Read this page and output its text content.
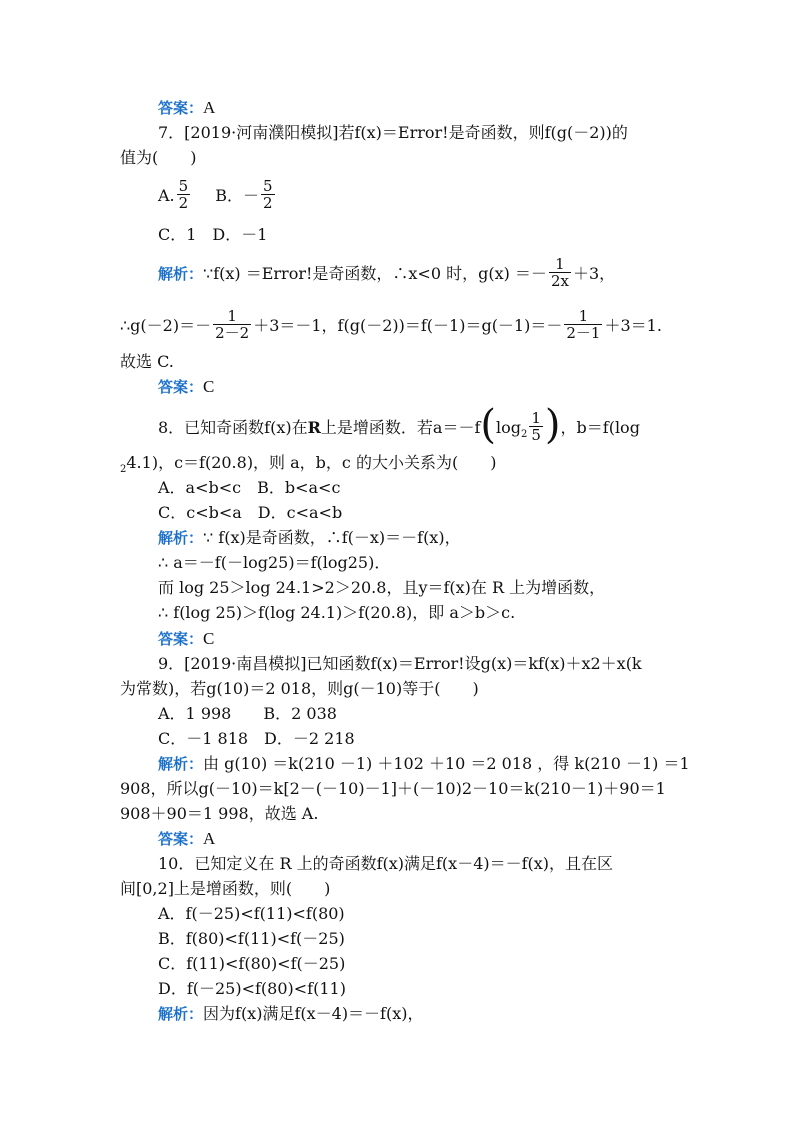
答案：A
7．[2019·河南濮阳模拟]若f(x)＝Error!是奇函数，则f(g(－2))的
值为(　　)
A. $\frac{5}{2}$ B．－ $\frac{5}{2}$
C．1　D．－1
解析：∵f(x) ＝Error!是奇函数，∴x<0 时，$g(x) =- \frac{1}{2x} +3$，
∴g(－2)＝－ $\frac{1}{2-2} +3=-1$，$f(g(-2))=f(-1)=g(-1)=- \frac{1}{2-1} +3=1$.
故选 C.
答案：C
8．已知奇函数f(x)在R上是增函数．若$a=-f(\log_2 \frac{1}{5}$ )，b＝f(log
$_2$4.1)，c＝f(20.8)，则 a，b，c 的大小关系为(　　)
A．a<b<c　B．b<a<c
C．c<b<a　D．c<a<b
解析：∵ f(x)是奇函数，∴f(－x)＝－f(x)，
∴ a＝－f(－log25)＝f(log25)．
而 log 25＞log 24.1>2＞20.8，且y＝f(x)在 R 上为增函数，
∴ f(log 25)＞f(log 24.1)＞f(20.8)，即 a＞b＞c.
答案：C
9．[2019·南昌模拟]已知函数f(x)＝Error!设g(x)＝kf(x)＋x2＋x(k
为常数)，若g(10)＝2 018，则g(－10)等于(　　)
A．1 998　　B．2 038
C．－1 818　D．－2 218
解析：由 g(10) ＝k(210 －1) ＋102 ＋10 ＝2 018 ，得 k(210 －1) ＝1
908，所以g(－10)＝k[2－(－10)－1]＋(－10)2－10＝k(210－1)＋90＝1
908＋90＝1 998，故选 A.
答案：A
10．已知定义在 R 上的奇函数f(x)满足f(x－4)＝－f(x)，且在区
间[0,2]上是增函数，则(　　)
A．f(－25)<f(11)<f(80)
B．f(80)<f(11)<f(－25)
C．f(11)<f(80)<f(－25)
D．f(－25)<f(80)<f(11)
解析：因为f(x)满足f(x－4)＝－f(x)，
